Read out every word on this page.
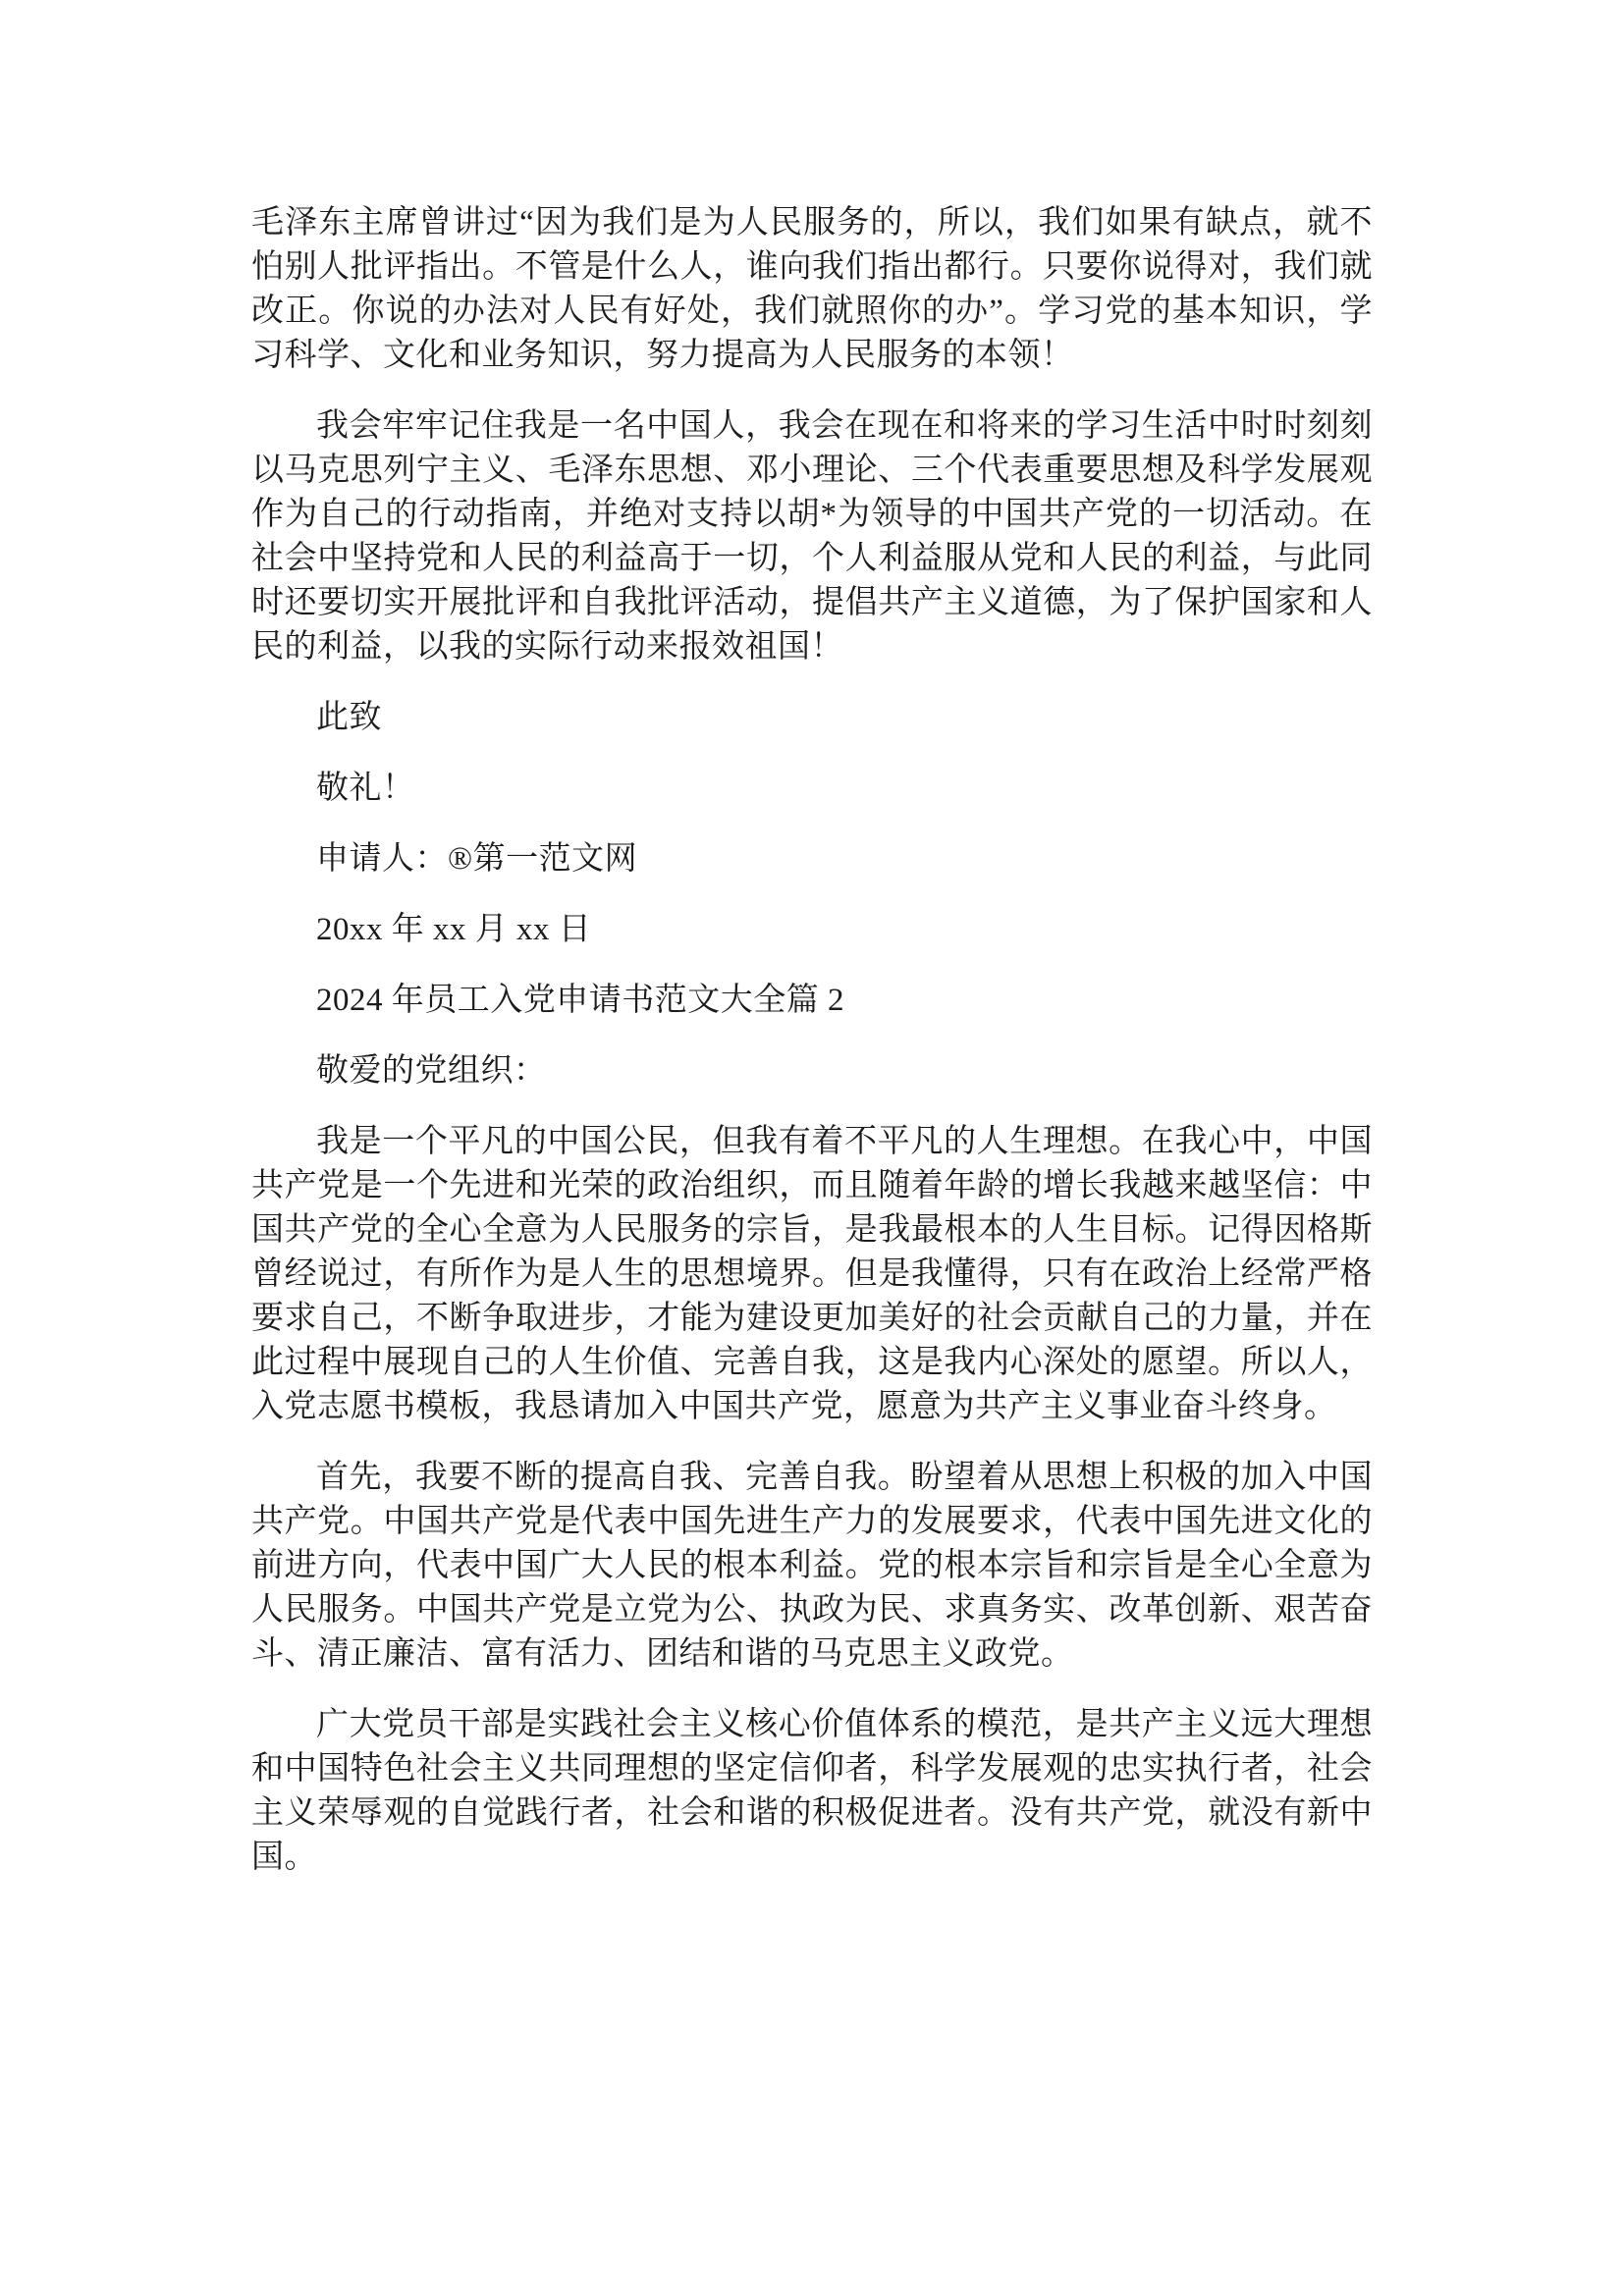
毛泽东主席曾讲过“因为我们是为人民服务的，所以，我们如果有缺点，就不怕别人批评指出。不管是什么人，谁向我们指出都行。只要你说得对，我们就改正。你说的办法对人民有好处，我们就照你的办”。学习党的基本知识，学习科学、文化和业务知识，努力提高为人民服务的本领！

我会牢牢记住我是一名中国人，我会在现在和将来的学习生活中时时刻刻以马克思列宁主义、毛泽东思想、邓小理论、三个代表重要思想及科学发展观作为自己的行动指南，并绝对支持以胡*为领导的中国共产党的一切活动。在社会中坚持党和人民的利益高于一切，个人利益服从党和人民的利益，与此同时还要切实开展批评和自我批评活动，提倡共产主义道德，为了保护国家和人民的利益，以我的实际行动来报效祖国！

此致

敬礼！

申请人：®第一范文网

20xx 年 xx 月 xx 日

2024 年员工入党申请书范文大全篇 2

敬爱的党组织：

我是一个平凡的中国公民，但我有着不平凡的人生理想。在我心中，中国共产党是一个先进和光荣的政治组织，而且随着年龄的增长我越来越坚信：中国共产党的全心全意为人民服务的宗旨，是我最根本的人生目标。记得因格斯曾经说过，有所作为是人生的思想境界。但是我懂得，只有在政治上经常严格要求自己，不断争取进步，才能为建设更加美好的社会贡献自己的力量，并在此过程中展现自己的人生价值、完善自我，这是我内心深处的愿望。所以人，入党志愿书模板，我恳请加入中国共产党，愿意为共产主义事业奋斗终身。

首先，我要不断的提高自我、完善自我。盼望着从思想上积极的加入中国共产党。中国共产党是代表中国先进生产力的发展要求，代表中国先进文化的前进方向，代表中国广大人民的根本利益。党的根本宗旨和宗旨是全心全意为人民服务。中国共产党是立党为公、执政为民、求真务实、改革创新、艰苦奋斗、清正廉洁、富有活力、团结和谐的马克思主义政党。

广大党员干部是实践社会主义核心价值体系的模范，是共产主义远大理想和中国特色社会主义共同理想的坚定信仰者，科学发展观的忠实执行者，社会主义荣辱观的自觉践行者，社会和谐的积极促进者。没有共产党，就没有新中国。
